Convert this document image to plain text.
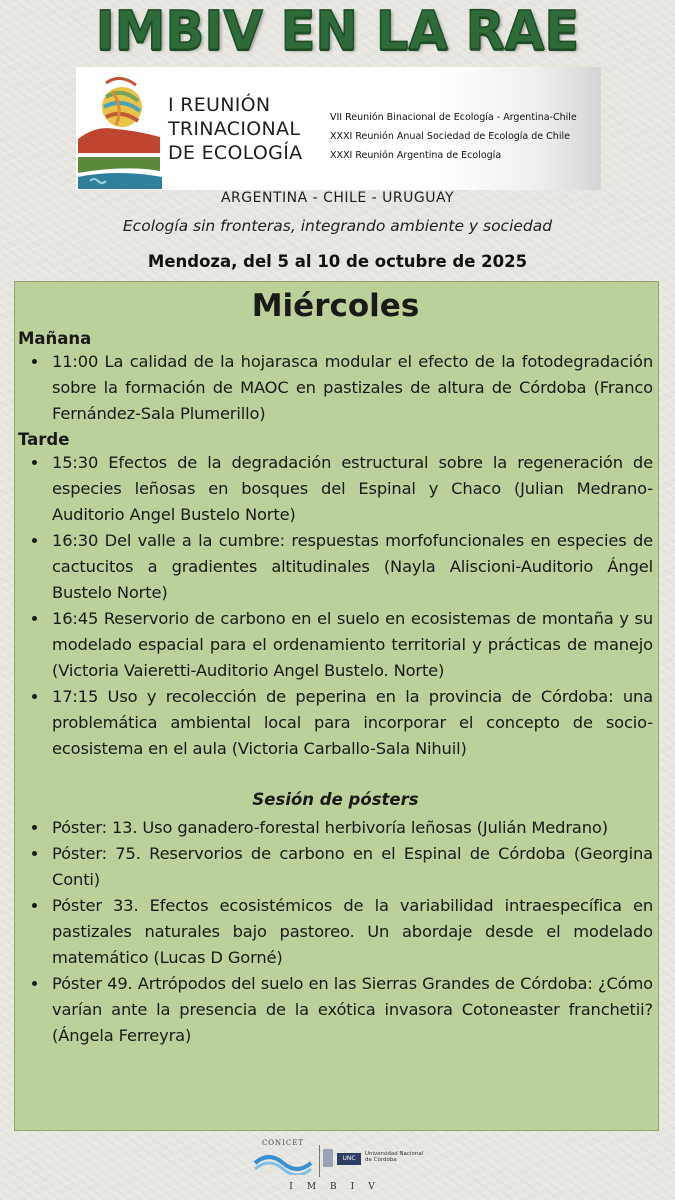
IMBIV EN LA RAE
I REUNIÓN
TRINACIONAL
DE ECOLOGÍA
VII Reunión Binacional de Ecología - Argentina-Chile
XXXI Reunión Anual Sociedad de Ecología de Chile
XXXI Reunión Argentina de Ecología
ARGENTINA - CHILE - URUGUAY
Ecología sin fronteras, integrando ambiente y sociedad
Mendoza, del 5 al 10 de octubre de 2025
Miércoles
Mañana
• 11:00 La calidad de la hojarasca modular el efecto de la fotodegradación sobre la formación de MAOC en pastizales de altura de Córdoba (Franco Fernández-Sala Plumerillo)
Tarde
• 15:30 Efectos de la degradación estructural sobre la regeneración de especies leñosas en bosques del Espinal y Chaco (Julian Medrano-Auditorio Angel Bustelo Norte)
• 16:30 Del valle a la cumbre: respuestas morfofuncionales en especies de cactucitos a gradientes altitudinales (Nayla Aliscioni-Auditorio Ángel Bustelo Norte)
• 16:45 Reservorio de carbono en el suelo en ecosistemas de montaña y su modelado espacial para el ordenamiento territorial y prácticas de manejo (Victoria Vaieretti-Auditorio Angel Bustelo. Norte)
• 17:15 Uso y recolección de peperina en la provincia de Córdoba: una problemática ambiental local para incorporar el concepto de socio-ecosistema en el aula (Victoria Carballo-Sala Nihuil)
Sesión de pósters
• Póster: 13. Uso ganadero-forestal herbivoría leñosas (Julián Medrano)
• Póster: 75. Reservorios de carbono en el Espinal de Córdoba (Georgina Conti)
• Póster 33. Efectos ecosistémicos de la variabilidad intraespecífica en pastizales naturales bajo pastoreo. Un abordaje desde el modelado matemático (Lucas D Gorné)
• Póster 49. Artrópodos del suelo en las Sierras Grandes de Córdoba: ¿Cómo varían ante la presencia de la exótica invasora Cotoneaster franchetii? (Ángela Ferreyra)
CONICET
UNC
Universidad Nacional de Córdoba
IMBIV
